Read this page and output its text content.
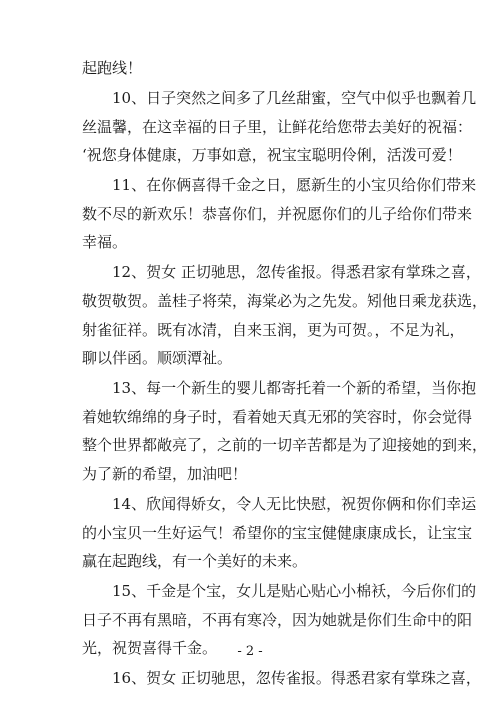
起跑线！
10、日子突然之间多了几丝甜蜜，空气中似乎也飘着几
丝温馨，在这幸福的日子里，让鲜花给您带去美好的祝福：
‘祝您身体健康，万事如意，祝宝宝聪明伶俐，活泼可爱！
11、在你俩喜得千金之日，愿新生的小宝贝给你们带来
数不尽的新欢乐！恭喜你们，并祝愿你们的儿子给你们带来
幸福。
12、贺女 正切驰思，忽传雀报。得悉君家有掌珠之喜，
敬贺敬贺。盖桂子将荣，海棠必为之先发。矧他日乘龙获选，
射雀征祥。既有冰清，自来玉润，更为可贺。，不足为礼，
聊以伴函。顺颂潭祉。
13、每一个新生的婴儿都寄托着一个新的希望，当你抱
着她软绵绵的身子时，看着她天真无邪的笑容时，你会觉得
整个世界都敞亮了，之前的一切辛苦都是为了迎接她的到来，
为了新的希望，加油吧！
14、欣闻得娇女，令人无比快慰，祝贺你俩和你们幸运
的小宝贝一生好运气！希望你的宝宝健健康康成长，让宝宝
赢在起跑线，有一个美好的未来。
15、千金是个宝，女儿是贴心贴心小棉袄，今后你们的
日子不再有黑暗，不再有寒冷，因为她就是你们生命中的阳
光，祝贺喜得千金。
16、贺女 正切驰思，忽传雀报。得悉君家有掌珠之喜，
- 2 -
